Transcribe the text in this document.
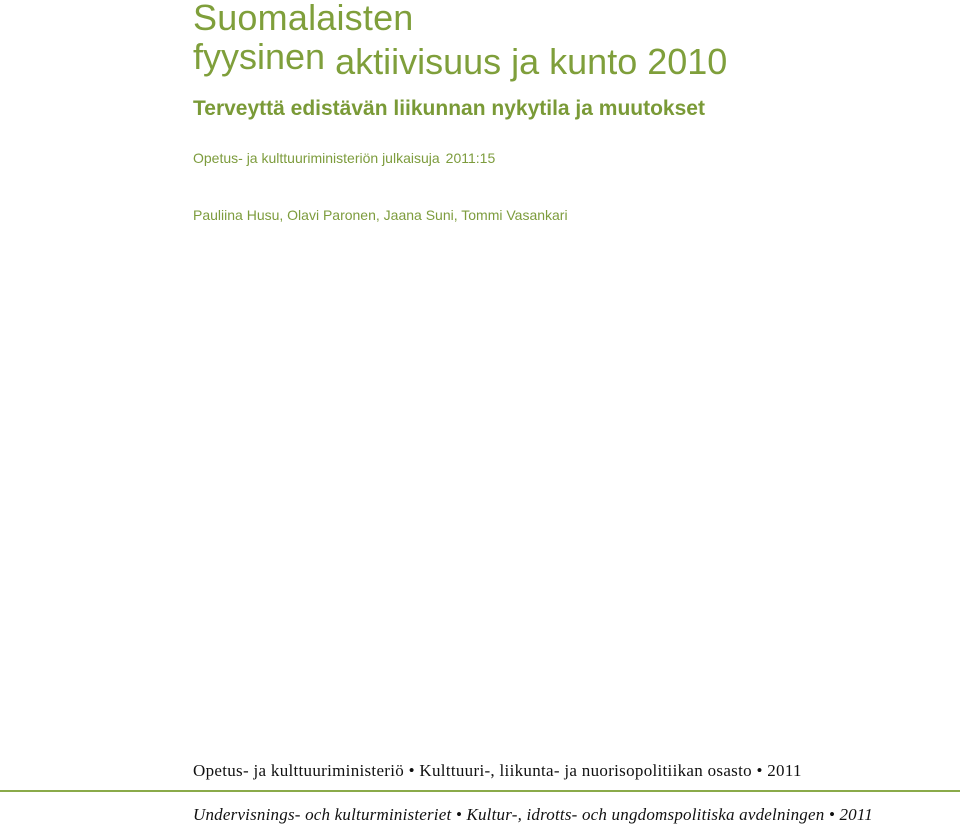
Suomalaisten
fyysinen aktiivisuus ja kunto 2010
Terveyttä edistävän liikunnan nykytila ja muutokset
Opetus- ja kulttuuriministeriön julkaisuja 2011:15
Pauliina Husu, Olavi Paronen, Jaana Suni, Tommi Vasankari
Opetus- ja kulttuuriministeriö • Kulttuuri-, liikunta- ja nuorisopolitiikan osasto • 2011
Undervisnings- och kulturministeriet • Kultur-, idrotts- och ungdomspolitiska avdelningen • 2011
